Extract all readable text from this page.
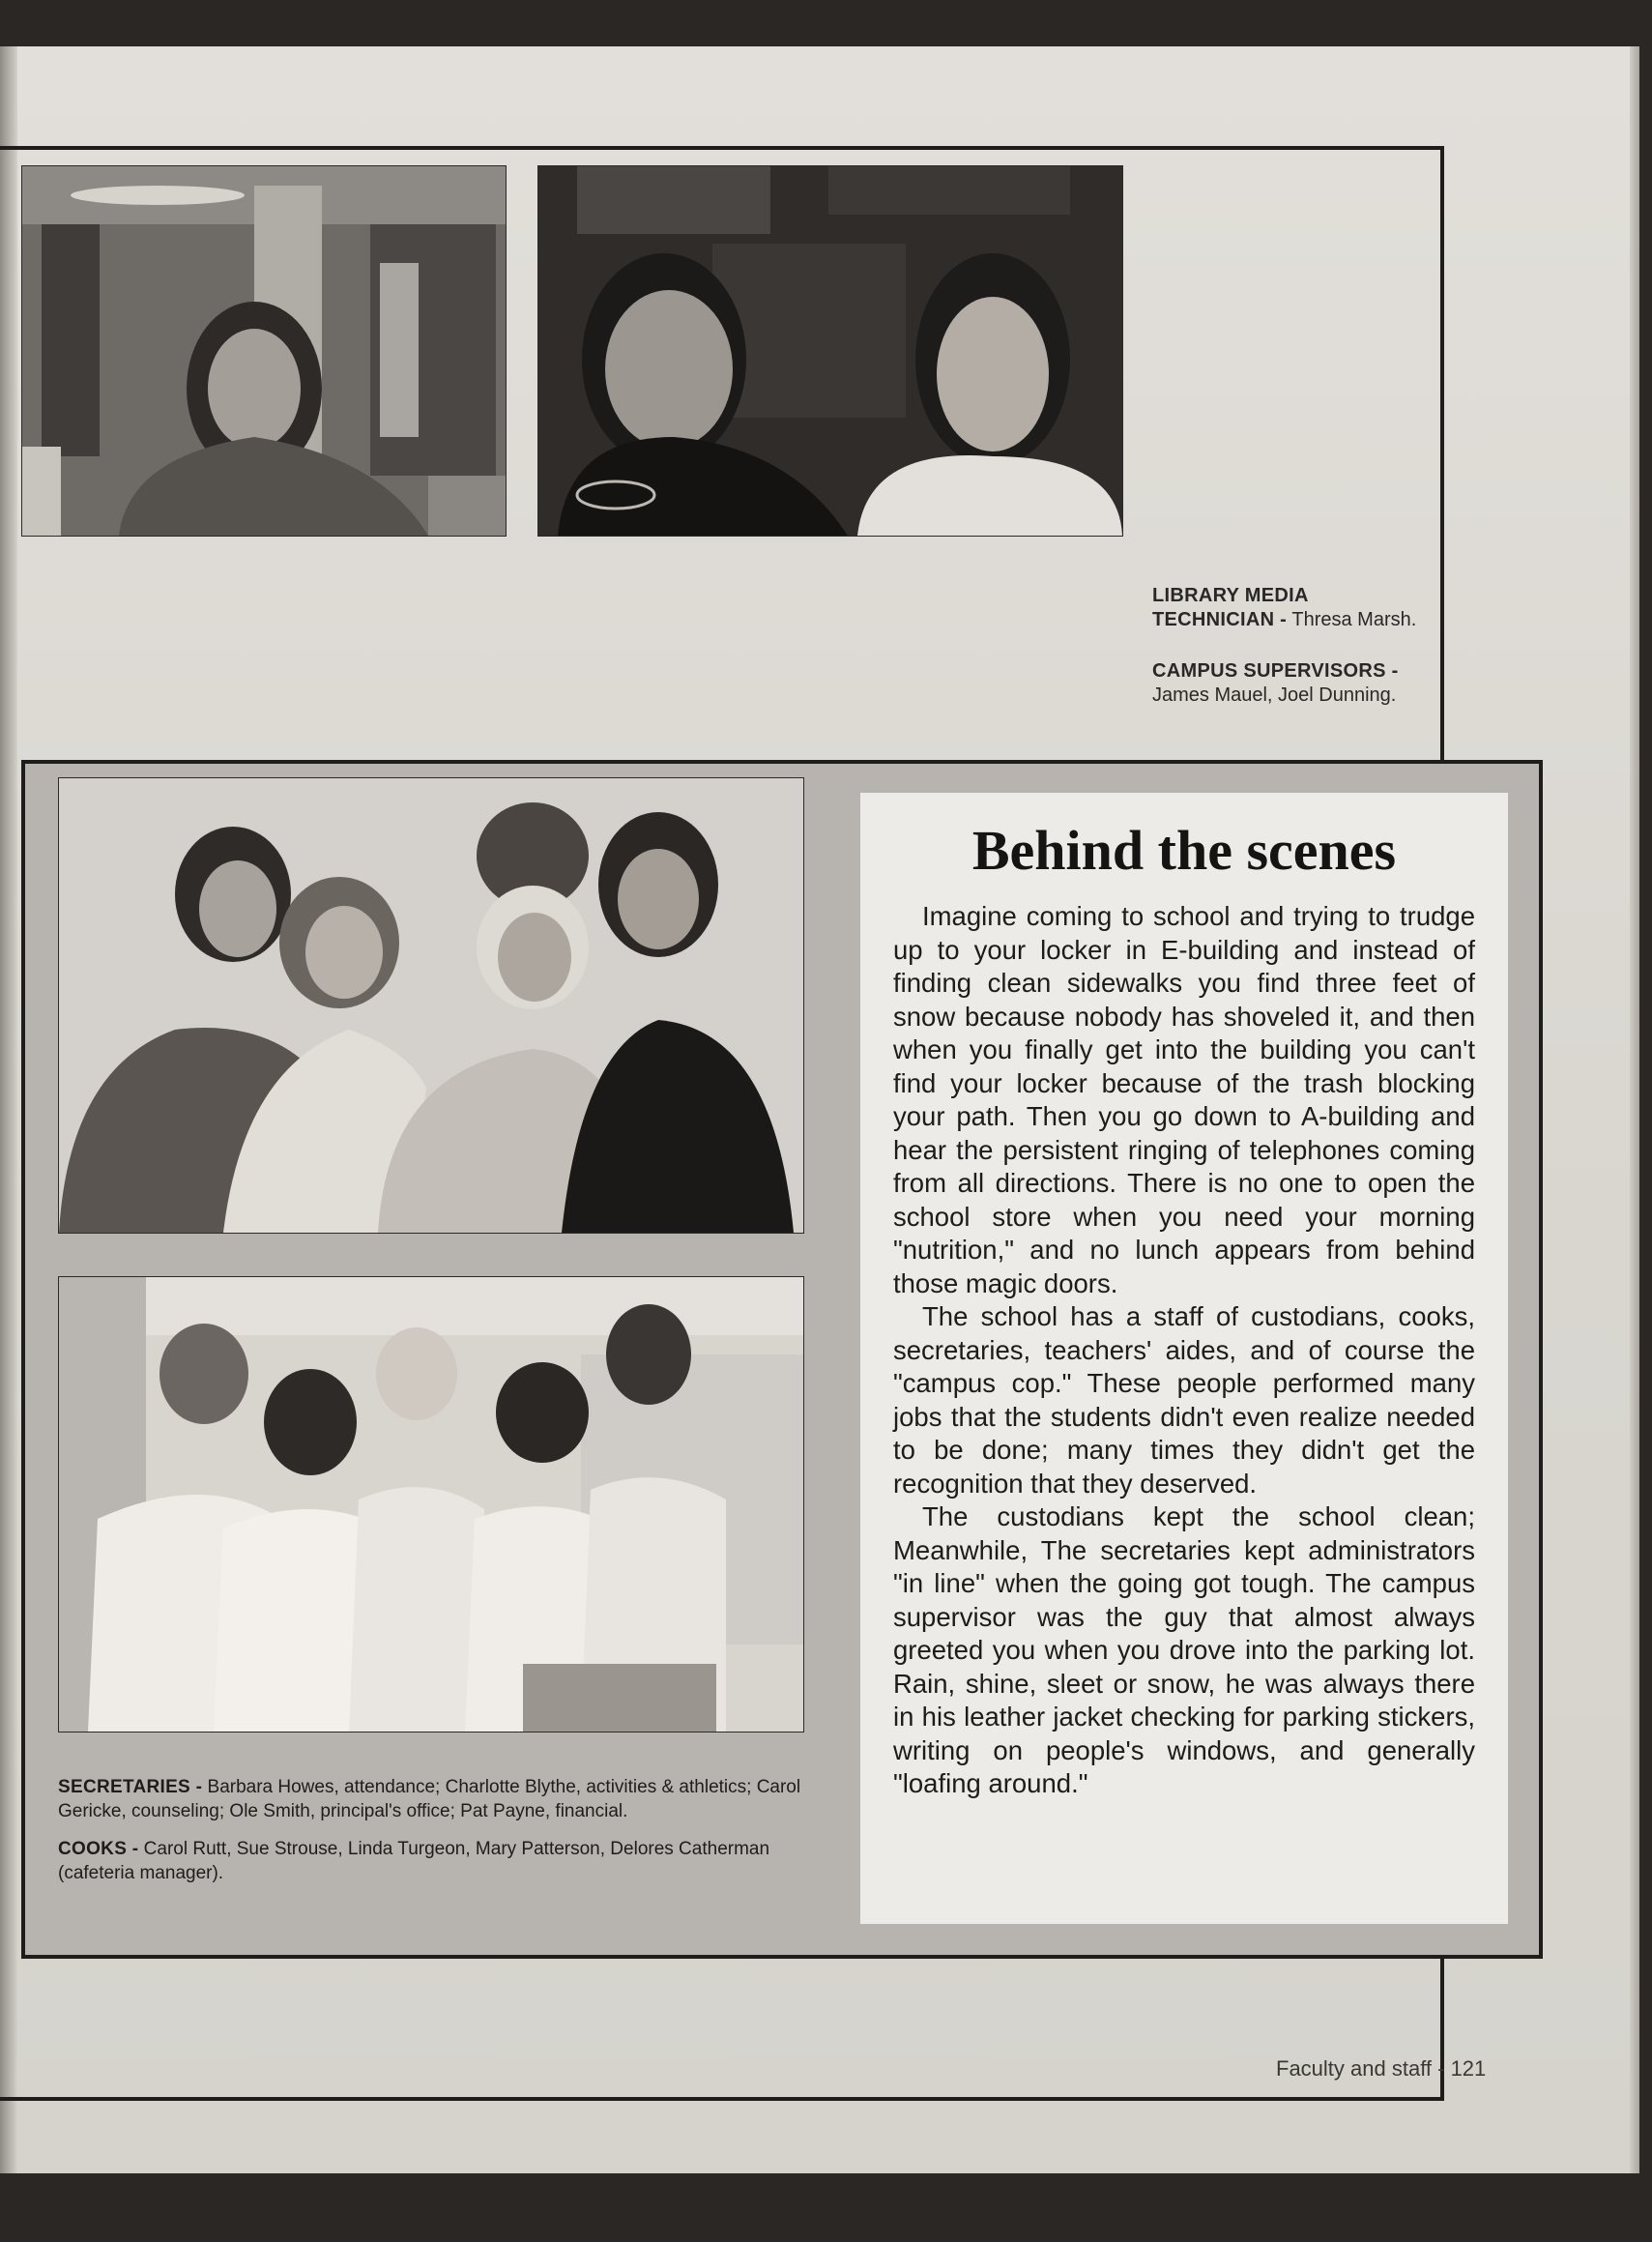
LIBRARY MEDIA TECHNICIAN - Thresa Marsh.

CAMPUS SUPERVISORS - James Mauel, Joel Dunning.

SECRETARIES - Barbara Howes, attendance; Charlotte Blythe, activities & athletics; Carol Gericke, counseling; Ole Smith, principal's office; Pat Payne, financial.

COOKS - Carol Rutt, Sue Strouse, Linda Turgeon, Mary Patterson, Delores Catherman (cafeteria manager).

Behind the scenes

Imagine coming to school and trying to trudge up to your locker in E-building and instead of finding clean sidewalks you find three feet of snow because nobody has shoveled it, and then when you finally get into the building you can't find your locker because of the trash blocking your path. Then you go down to A-building and hear the persistent ringing of telephones coming from all directions. There is no one to open the school store when you need your morning "nutrition," and no lunch appears from behind those magic doors.

The school has a staff of custodians, cooks, secretaries, teachers' aides, and of course the "campus cop." These people performed many jobs that the students didn't even realize needed to be done; many times they didn't get the recognition that they deserved.

The custodians kept the school clean; Meanwhile, The secretaries kept administrators "in line" when the going got tough. The campus supervisor was the guy that almost always greeted you when you drove into the parking lot. Rain, shine, sleet or snow, he was always there in his leather jacket checking for parking stickers, writing on people's windows, and generally "loafing around."

Faculty and staff - 121
